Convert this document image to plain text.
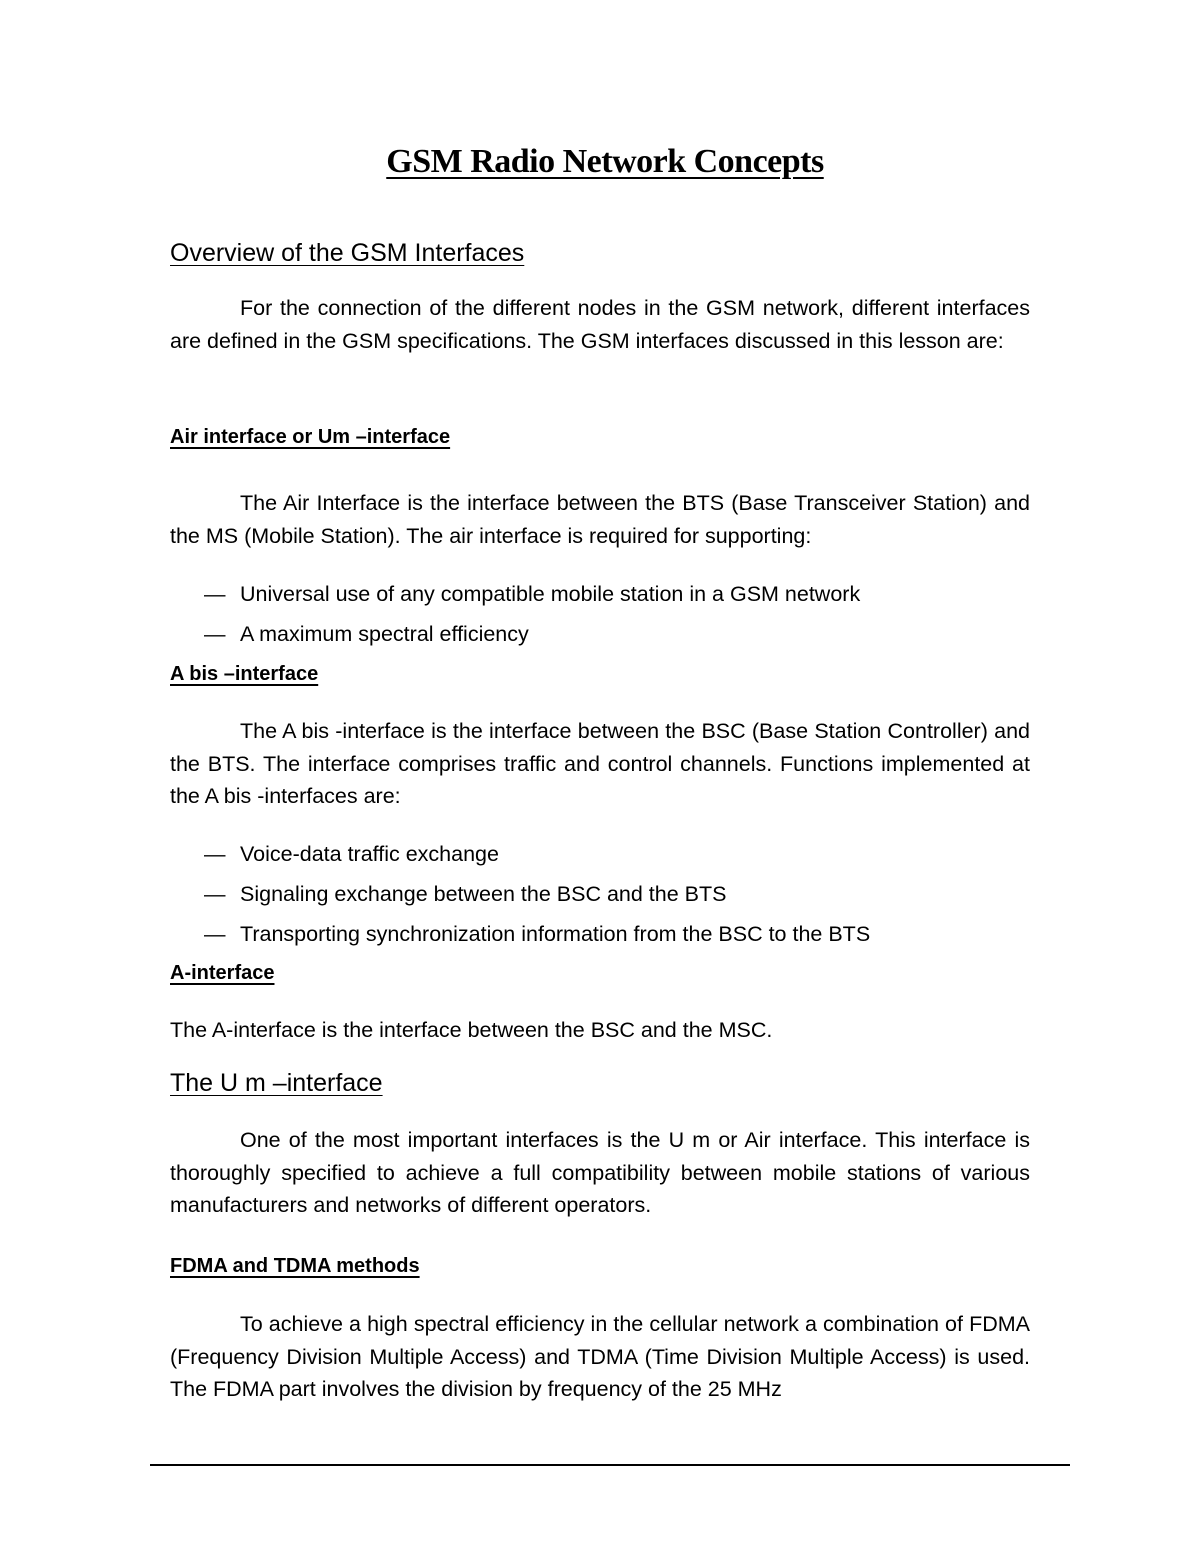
GSM Radio Network Concepts
Overview of the GSM Interfaces

For the connection of the different nodes in the GSM network, different interfaces are defined in the GSM specifications. The GSM interfaces discussed in this lesson are:

Air interface or Um –interface

The Air Interface is the interface between the BTS (Base Transceiver Station) and the MS (Mobile Station). The air interface is required for supporting:

— Universal use of any compatible mobile station in a GSM network
— A maximum spectral efficiency
A bis –interface

The A bis -interface is the interface between the BSC (Base Station Controller) and the BTS. The interface comprises traffic and control channels. Functions implemented at the A bis -interfaces are:

— Voice-data traffic exchange
— Signaling exchange between the BSC and the BTS
— Transporting synchronization information from the BSC to the BTS
A-interface

The A-interface is the interface between the BSC and the MSC.

The U m –interface

One of the most important interfaces is the U m or Air interface. This interface is thoroughly specified to achieve a full compatibility between mobile stations of various manufacturers and networks of different operators.

FDMA and TDMA methods

To achieve a high spectral efficiency in the cellular network a combination of FDMA (Frequency Division Multiple Access) and TDMA (Time Division Multiple Access) is used. The FDMA part involves the division by frequency of the 25 MHz
